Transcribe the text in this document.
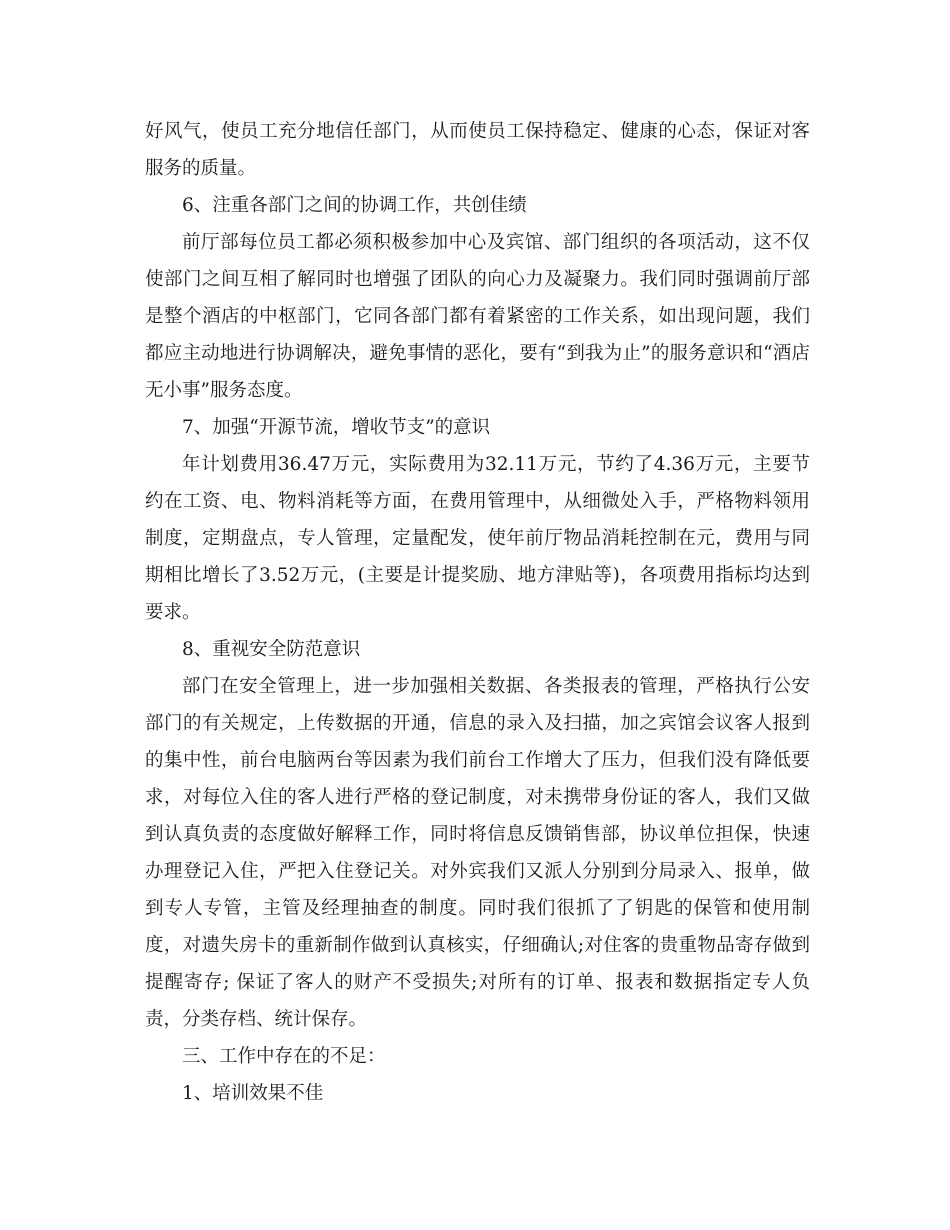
好风气，使员工充分地信任部门，从而使员工保持稳定、健康的心态，保证对客服务的质量。

6、注重各部门之间的协调工作，共创佳绩

前厅部每位员工都必须积极参加中心及宾馆、部门组织的各项活动，这不仅使部门之间互相了解同时也增强了团队的向心力及凝聚力。我们同时强调前厅部是整个酒店的中枢部门，它同各部门都有着紧密的工作关系，如出现问题，我们都应主动地进行协调解决，避免事情的恶化，要有“到我为止”的服务意识和“酒店无小事”服务态度。

7、加强“开源节流，增收节支”的意识

年计划费用36.47万元，实际费用为32.11万元，节约了4.36万元，主要节约在工资、电、物料消耗等方面，在费用管理中，从细微处入手，严格物料领用制度，定期盘点，专人管理，定量配发，使年前厅物品消耗控制在元，费用与同期相比增长了3.52万元，(主要是计提奖励、地方津贴等)，各项费用指标均达到要求。

8、重视安全防范意识

部门在安全管理上，进一步加强相关数据、各类报表的管理，严格执行公安部门的有关规定，上传数据的开通，信息的录入及扫描，加之宾馆会议客人报到的集中性，前台电脑两台等因素为我们前台工作增大了压力，但我们没有降低要求，对每位入住的客人进行严格的登记制度，对未携带身份证的客人，我们又做到认真负责的态度做好解释工作，同时将信息反馈销售部，协议单位担保，快速办理登记入住，严把入住登记关。对外宾我们又派人分别到分局录入、报单，做到专人专管，主管及经理抽查的制度。同时我们很抓了了钥匙的保管和使用制度，对遗失房卡的重新制作做到认真核实，仔细确认;对住客的贵重物品寄存做到提醒寄存; 保证了客人的财产不受损失;对所有的订单、报表和数据指定专人负责，分类存档、统计保存。

三、工作中存在的不足：

1、培训效果不佳
